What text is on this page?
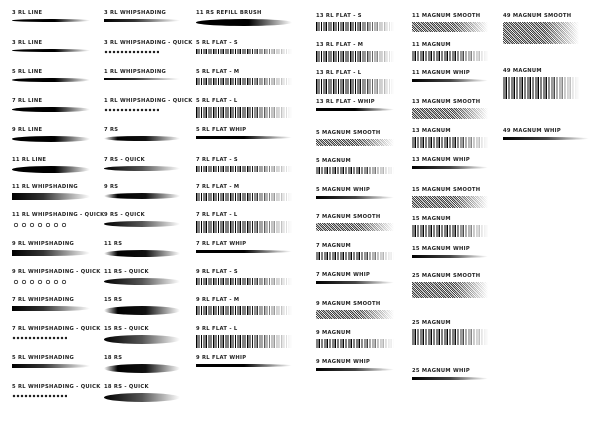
3 RL LINE
3 RL LINE
5 RL LINE
7 RL LINE
9 RL LINE
11 RL LINE
11 RL WHIPSHADING
11 RL WHIPSHADING - QUICK
9 RL WHIPSHADING
9 RL WHIPSHADING - QUICK
7 RL WHIPSHADING
7 RL WHIPSHADING - QUICK
5 RL WHIPSHADING
5 RL WHIPSHADING - QUICK
3 RL WHIPSHADING
3 RL WHIPSHADING - QUICK
1 RL WHIPSHADING
1 RL WHIPSHADING - QUICK
7 RS
7 RS - QUICK
9 RS
9 RS - QUICK
11 RS
11 RS - QUICK
15 RS
15 RS - QUICK
18 RS
18 RS - QUICK
11 RS REFILL BRUSH
5 RL FLAT - S
5 RL FLAT - M
5 RL FLAT - L
5 RL FLAT WHIP
7 RL FLAT - S
7 RL FLAT - M
7 RL FLAT - L
7 RL FLAT WHIP
9 RL FLAT - S
9 RL FLAT - M
9 RL FLAT - L
9 RL FLAT WHIP
13 RL FLAT - S
13 RL FLAT - M
13 RL FLAT - L
13 RL FLAT - WHIP
5 MAGNUM SMOOTH
5 MAGNUM
5 MAGNUM WHIP
7 MAGNUM SMOOTH
7 MAGNUM
7 MAGNUM WHIP
9 MAGNUM SMOOTH
9 MAGNUM
9 MAGNUM WHIP
11 MAGNUM SMOOTH
11 MAGNUM
11 MAGNUM WHIP
13 MAGNUM SMOOTH
13 MAGNUM
13 MAGNUM WHIP
15 MAGNUM SMOOTH
15 MAGNUM
15 MAGNUM WHIP
25 MAGNUM SMOOTH
25 MAGNUM
25 MAGNUM WHIP
49 MAGNUM SMOOTH
49 MAGNUM
49 MAGNUM WHIP
